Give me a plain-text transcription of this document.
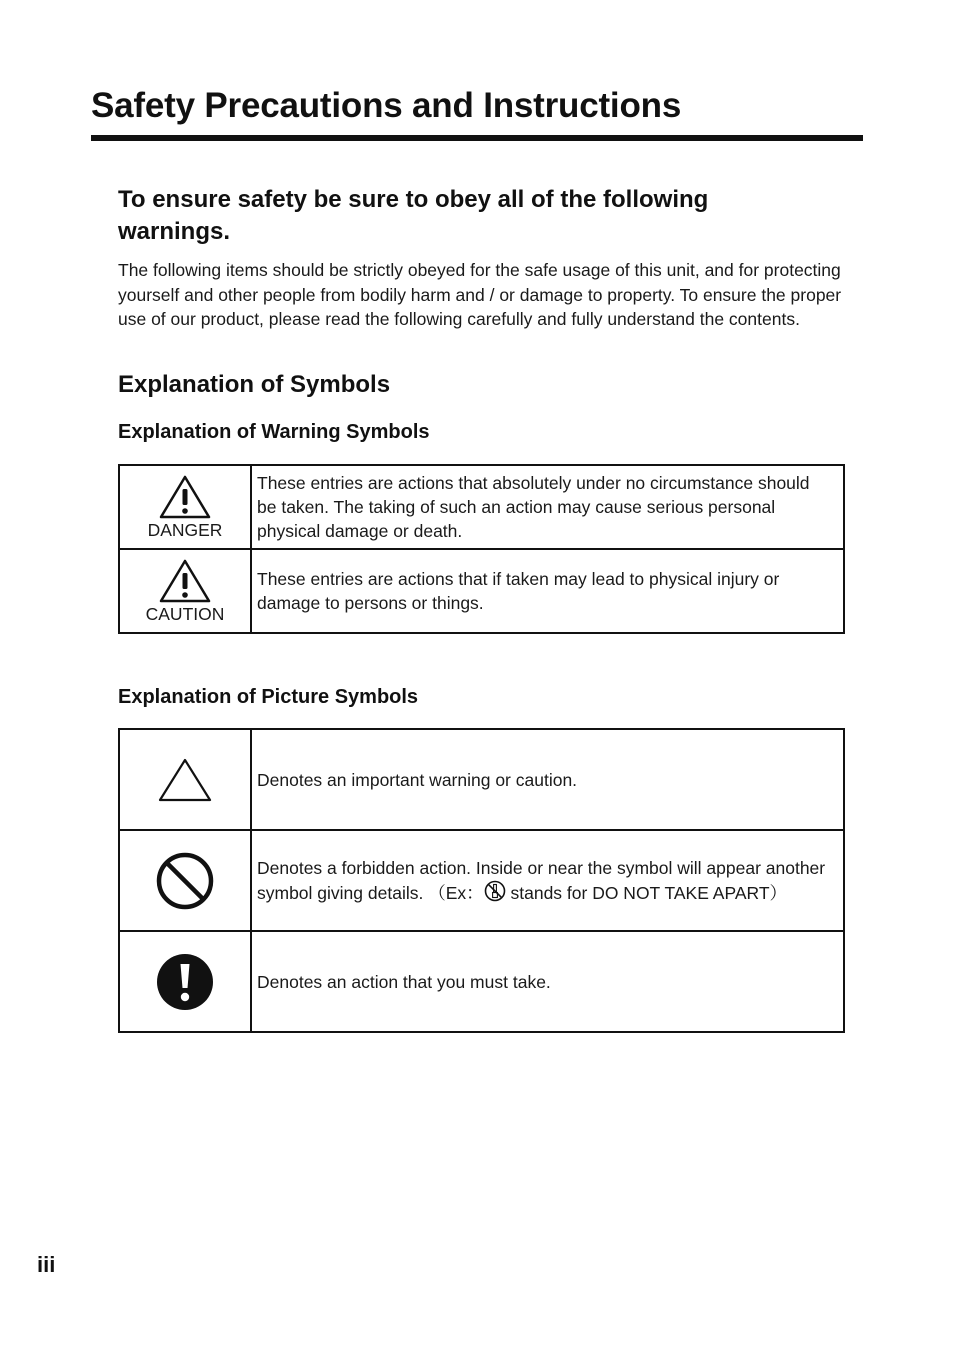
Safety Precautions and Instructions
To ensure safety be sure to obey all of the following warnings.

The following items should be strictly obeyed for the safe usage of this unit, and for protecting yourself and other people from bodily harm and / or damage to property. To ensure the proper use of our product, please read the following carefully and fully understand the contents.

Explanation of Symbols
Explanation of Warning Symbols
DANGER	These entries are actions that absolutely under no circumstance should be taken. The taking of such an action may cause serious personal physical damage or death.

CAUTION	These entries are actions that if taken may lead to physical injury or damage to persons or things.
Explanation of Picture Symbols
	Denotes an important warning or caution.
	Denotes a forbidden action. Inside or near the symbol will appear another symbol giving details. （Ex： stands for DO NOT TAKE APART）
	Denotes an action that you must take.
iii
